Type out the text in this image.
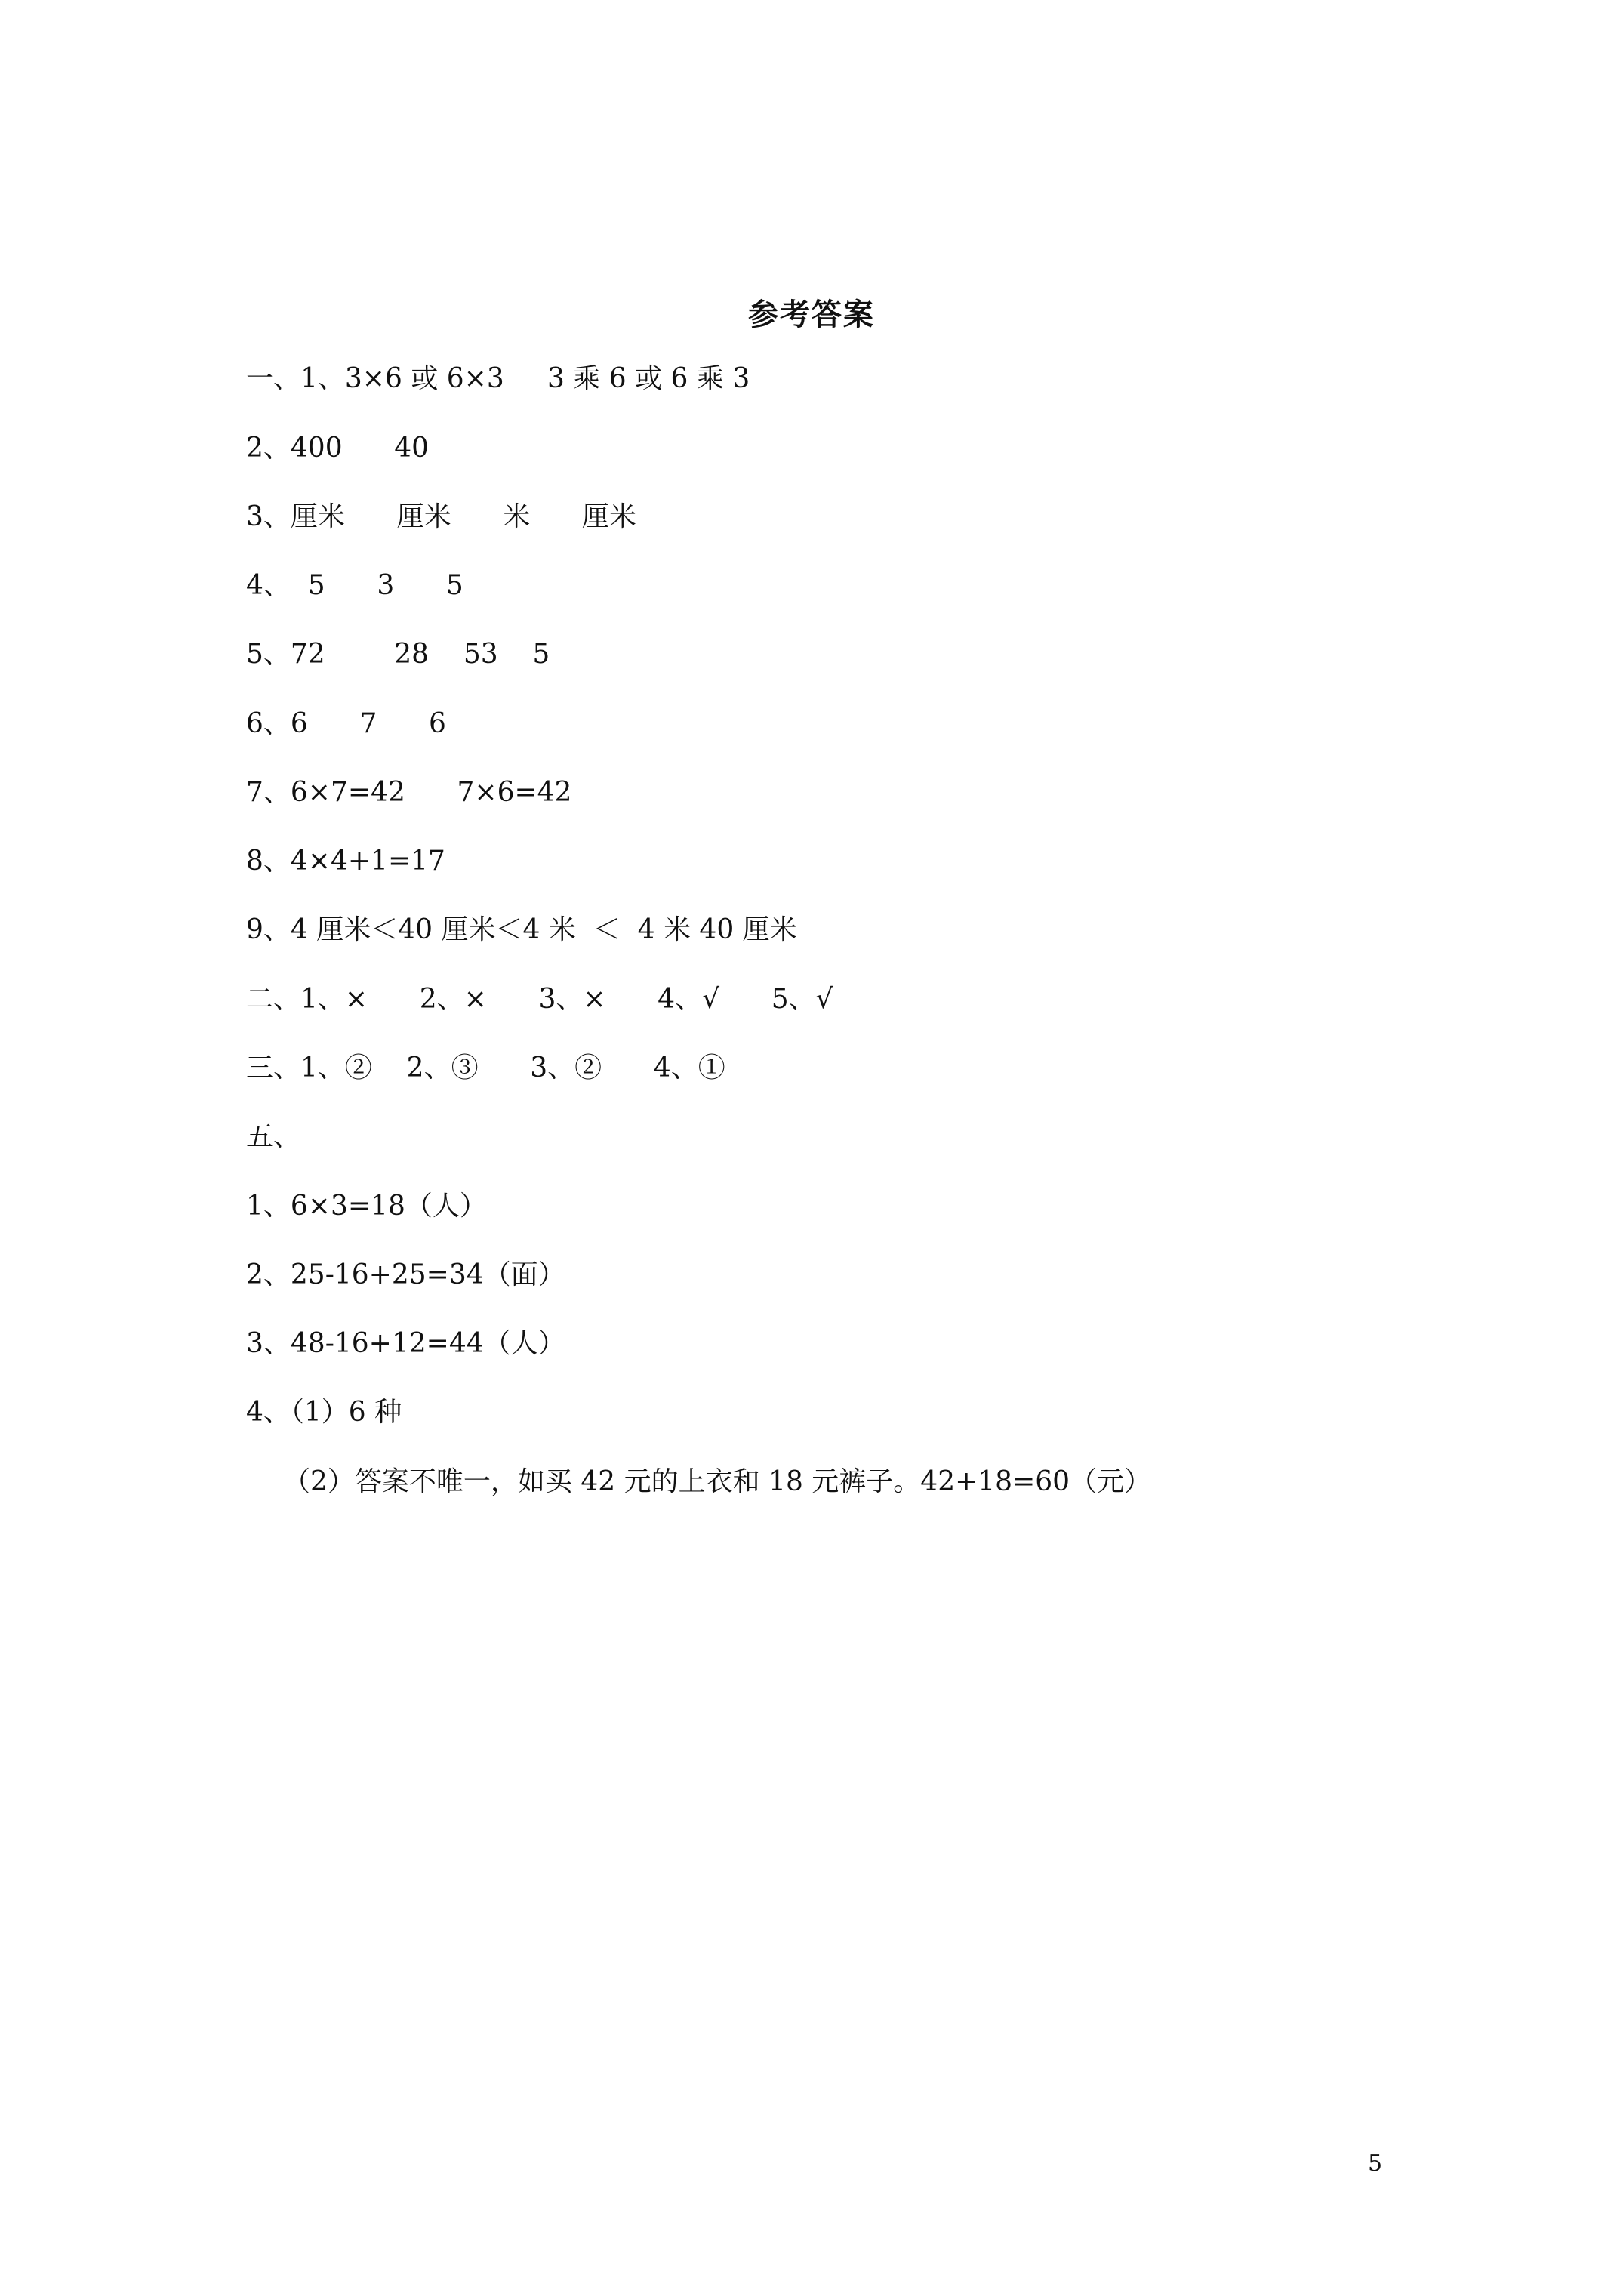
参考答案
一、1、3×6 或 6×3     3 乘 6 或 6 乘 3
2、400      40
3、厘米      厘米      米      厘米
4、  5      3      5
5、72        28    53    5
6、6      7      6
7、6×7=42      7×6=42
8、4×4+1=17
9、4 厘米＜40 厘米＜4 米  ＜  4 米 40 厘米
二、1、×      2、×      3、×      4、√      5、√
三、1、②    2、③      3、②      4、①
五、
1、6×3=18（人）
2、25-16+25=34（面）
3、48-16+12=44（人）
4、（1）6 种
（2）答案不唯一，如买 42 元的上衣和 18 元裤子。42+18=60（元）
5
